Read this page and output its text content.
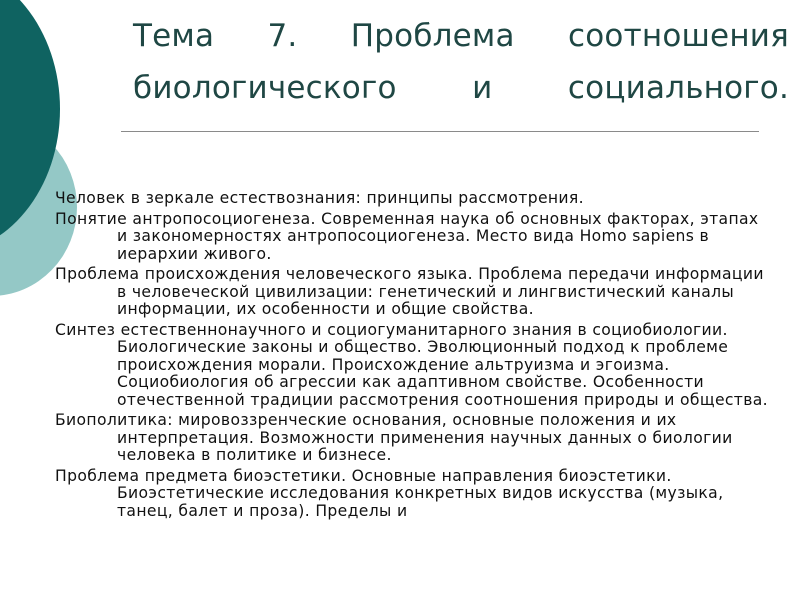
Тема 7. Проблема соотношения
биологического и социального.
Человек в зеркале естествознания: принципы рассмотрения.
Понятие антропосоциогенеза. Современная наука об основных факторах, этапах и закономерностях антропосоциогенеза. Место вида Homo sapiens в иерархии живого.
Проблема происхождения человеческого языка. Проблема передачи информации в человеческой цивилизации: генетический и лингвистический каналы информации, их особенности и общие свойства.
Синтез естественнонаучного и социогуманитарного знания в социобиологии. Биологические законы и общество. Эволюционный подход к проблеме происхождения морали. Происхождение альтруизма и эгоизма. Социобиология об агрессии как адаптивном свойстве. Особенности отечественной традиции рассмотрения соотношения природы и общества.
Биополитика: мировоззренческие основания, основные положения и их интерпретация. Возможности применения научных данных о биологии человека в политике и бизнесе.
Проблема предмета биоэстетики. Основные направления биоэстетики. Биоэстетические исследования конкретных видов искусства (музыка, танец, балет и проза). Пределы и
